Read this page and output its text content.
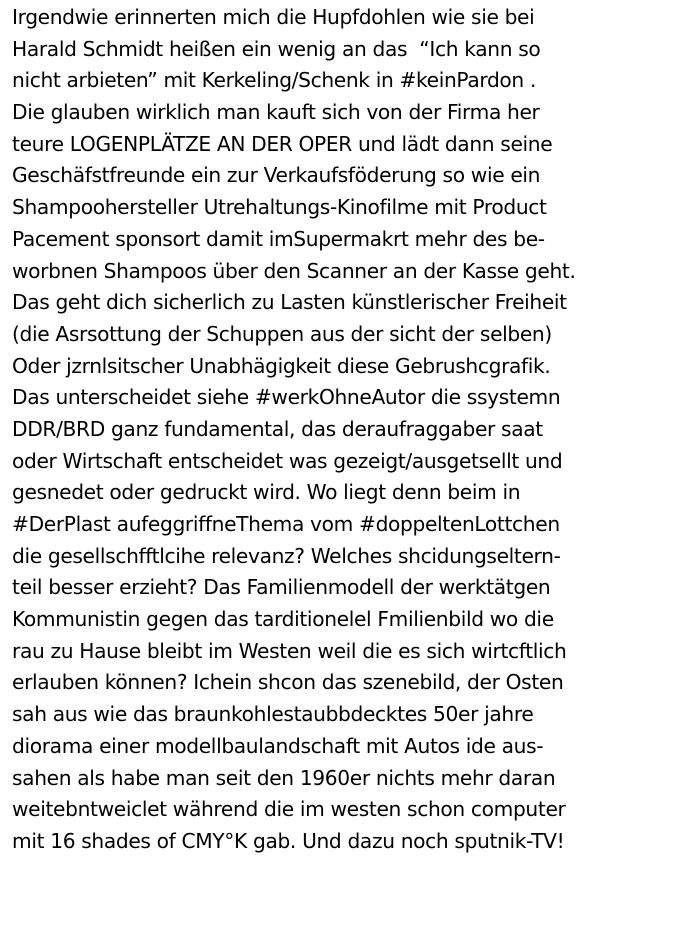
Irgendwie erinnerten mich die Hupfdohlen wie sie bei
Harald Schmidt heißen ein wenig an das  “Ich kann so
nicht arbieten” mit Kerkeling/Schenk in #keinPardon .
Die glauben wirklich man kauft sich von der Firma her
teure LOGENPLÄTZE AN DER OPER und lädt dann seine
Geschäfstfreunde ein zur Verkaufsföderung so wie ein
Shampoohersteller Utrehaltungs-Kinofilme mit Product
Pacement sponsort damit imSupermakrt mehr des be-
worbnen Shampoos über den Scanner an der Kasse geht.
Das geht dich sicherlich zu Lasten künstlerischer Freiheit
(die Asrsottung der Schuppen aus der sicht der selben)
Oder jzrnlsitscher Unabhägigkeit diese Gebrushcgrafik.
Das unterscheidet siehe #werkOhneAutor die ssystemn
DDR/BRD ganz fundamental, das deraufraggaber saat
oder Wirtschaft entscheidet was gezeigt/ausgetsellt und
gesnedet oder gedruckt wird. Wo liegt denn beim in
#DerPlast aufeggriffneThema vom #doppeltenLottchen
die gesellschfftlcihe relevanz? Welches shcidungseltern-
teil besser erzieht? Das Familienmodell der werktätgen
Kommunistin gegen das tarditionelel Fmilienbild wo die
rau zu Hause bleibt im Westen weil die es sich wirtcftlich
erlauben können? Ichein shcon das szenebild, der Osten
sah aus wie das braunkohlestaubbdecktes 50er jahre
diorama einer modellbaulandschaft mit Autos ide aus-
sahen als habe man seit den 1960er nichts mehr daran
weitebntweiclet während die im westen schon computer
mit 16 shades of CMY°K gab. Und dazu noch sputnik-TV!
